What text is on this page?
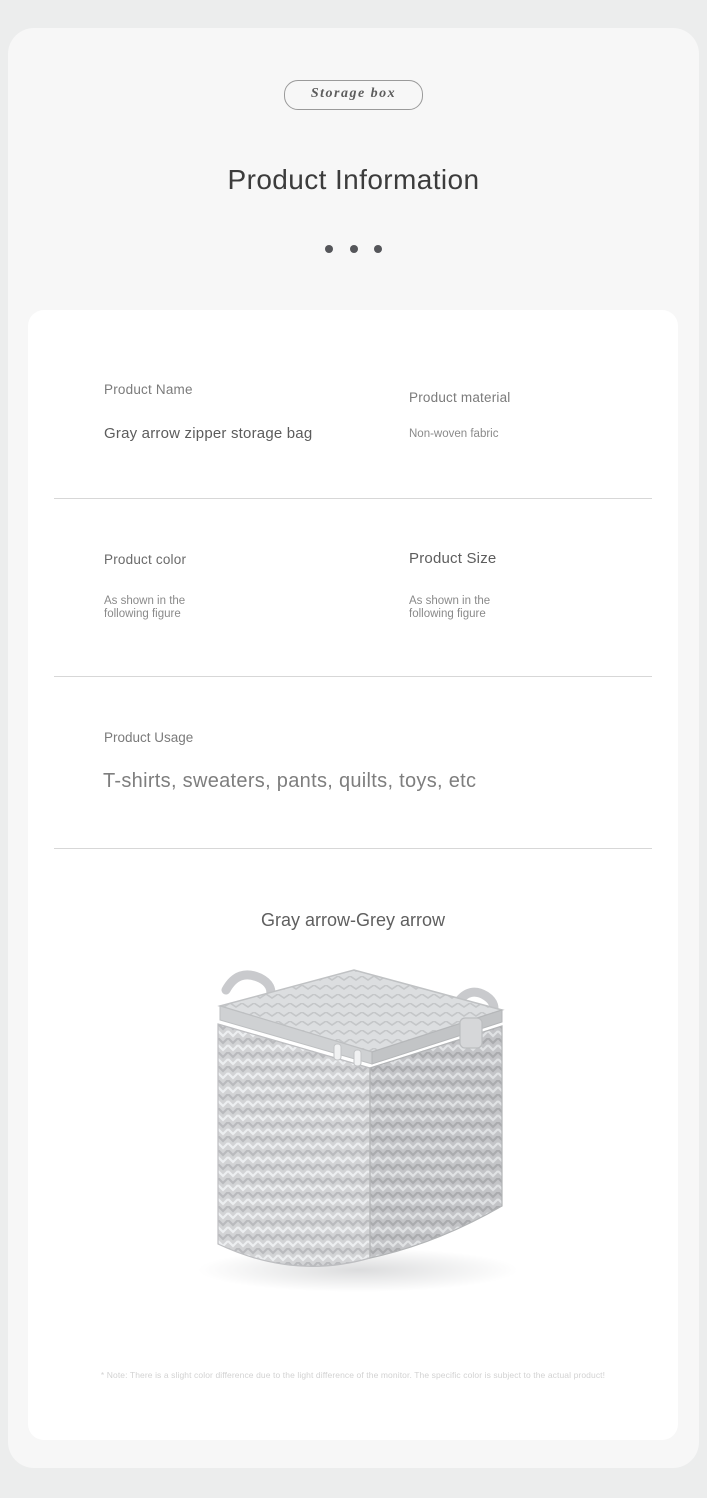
Storage box
Product Information

Product Name
Gray arrow zipper storage bag
Product material
Non-woven fabric
Product color
As shown in the following figure
Product Size
As shown in the following figure
Product Usage
T-shirts, sweaters, pants, quilts, toys, etc
Gray arrow-Grey arrow
* Note: There is a slight color difference due to the light difference of the monitor. The specific color is subject to the actual product!
